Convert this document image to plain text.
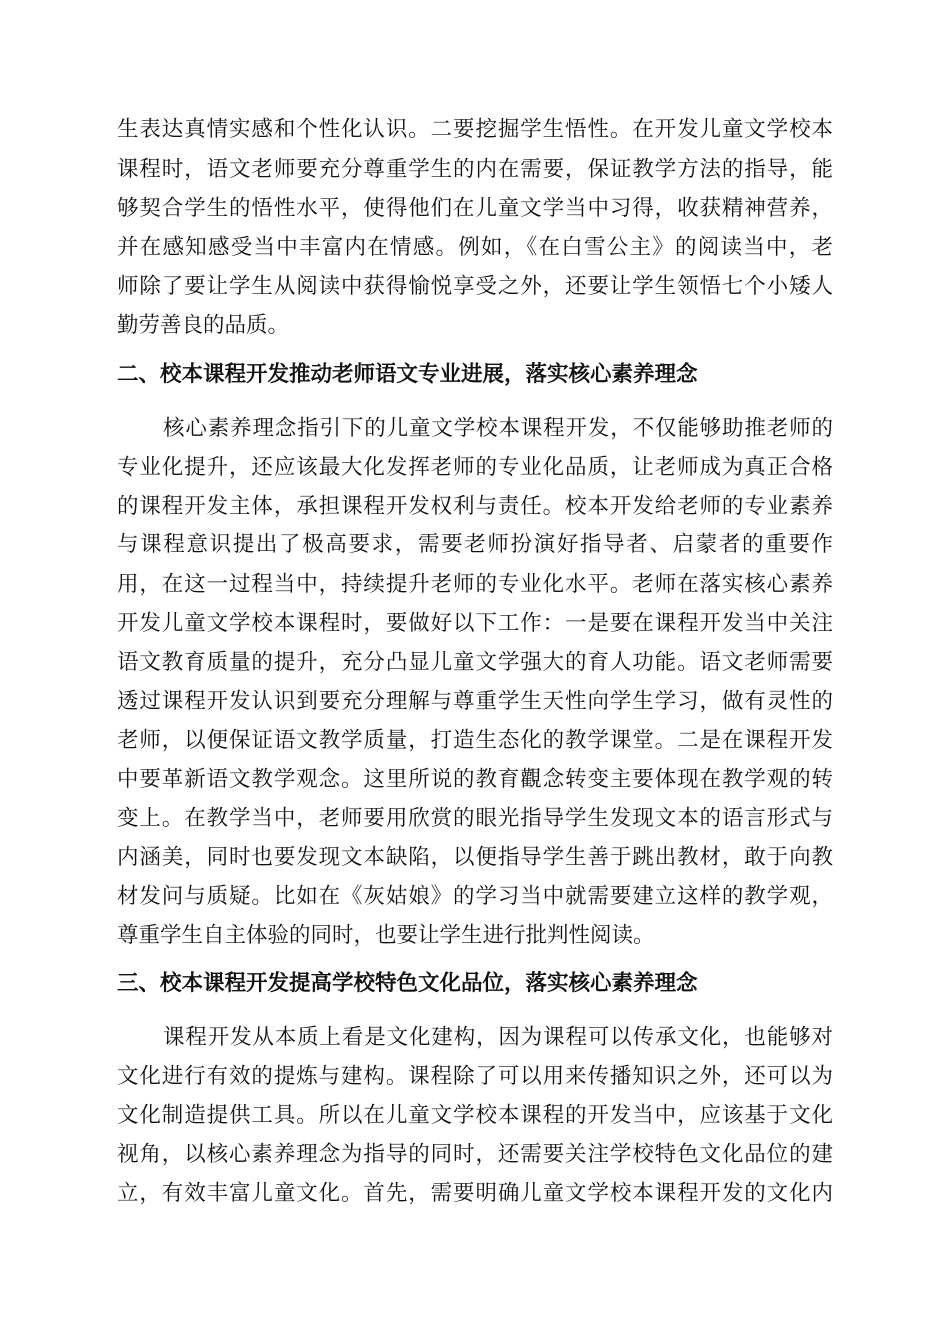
生表达真情实感和个性化认识。二要挖掘学生悟性。在开发儿童文学校本
课程时，语文老师要充分尊重学生的内在需要，保证教学方法的指导，能
够契合学生的悟性水平，使得他们在儿童文学当中习得，收获精神营养，
并在感知感受当中丰富内在情感。例如，《在白雪公主》的阅读当中，老
师除了要让学生从阅读中获得愉悦享受之外，还要让学生领悟七个小矮人
勤劳善良的品质。
二、校本课程开发推动老师语文专业进展，落实核心素养理念
核心素养理念指引下的儿童文学校本课程开发，不仅能够助推老师的
专业化提升，还应该最大化发挥老师的专业化品质，让老师成为真正合格
的课程开发主体，承担课程开发权利与责任。校本开发给老师的专业素养
与课程意识提出了极高要求，需要老师扮演好指导者、启蒙者的重要作
用，在这一过程当中，持续提升老师的专业化水平。老师在落实核心素养
开发儿童文学校本课程时，要做好以下工作：一是要在课程开发当中关注
语文教育质量的提升，充分凸显儿童文学强大的育人功能。语文老师需要
透过课程开发认识到要充分理解与尊重学生天性向学生学习，做有灵性的
老师，以便保证语文教学质量，打造生态化的教学课堂。二是在课程开发
中要革新语文教学观念。这里所说的教育觀念转变主要体现在教学观的转
变上。在教学当中，老师要用欣赏的眼光指导学生发现文本的语言形式与
内涵美，同时也要发现文本缺陷，以便指导学生善于跳出教材，敢于向教
材发问与质疑。比如在《灰姑娘》的学习当中就需要建立这样的教学观，
尊重学生自主体验的同时，也要让学生进行批判性阅读。
三、校本课程开发提高学校特色文化品位，落实核心素养理念
课程开发从本质上看是文化建构，因为课程可以传承文化，也能够对
文化进行有效的提炼与建构。课程除了可以用来传播知识之外，还可以为
文化制造提供工具。所以在儿童文学校本课程的开发当中，应该基于文化
视角，以核心素养理念为指导的同时，还需要关注学校特色文化品位的建
立，有效丰富儿童文化。首先，需要明确儿童文学校本课程开发的文化内
